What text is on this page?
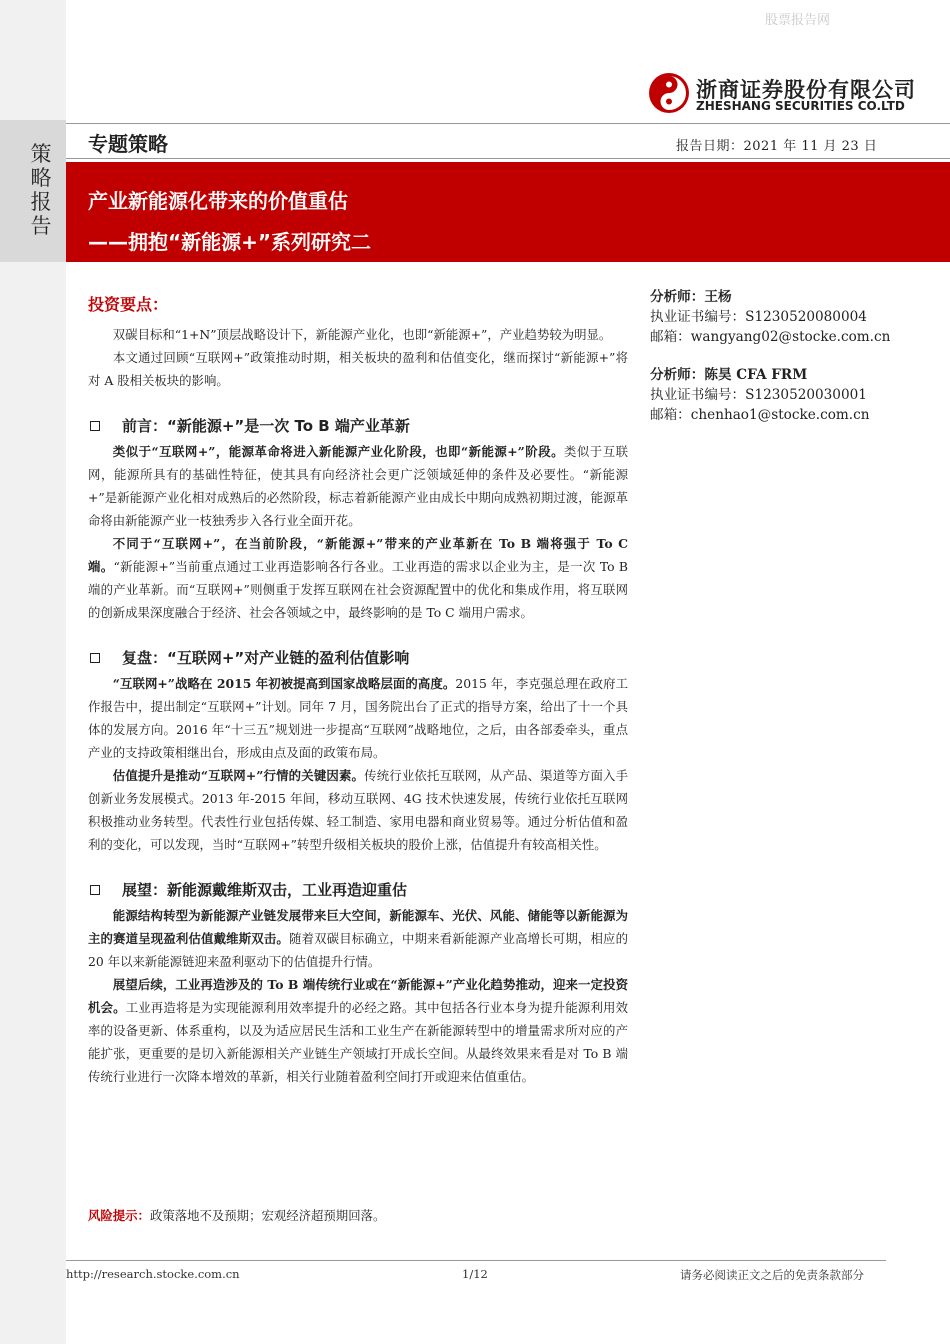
策
略
报
告
股票报告网
浙商证券股份有限公司
ZHESHANG SECURITIES CO.LTD
专题策略	报告日期：2021 年 11 月 23 日
产业新能源化带来的价值重估
——拥抱“新能源+”系列研究二
投资要点：

双碳目标和“1+N”顶层战略设计下，新能源产业化，也即“新能源+”，产业趋势较为明显。

本文通过回顾“互联网+”政策推动时期，相关板块的盈利和估值变化，继而探讨“新能源+”将对 A 股相关板块的影响。

前言：“新能源+”是一次 To B 端产业革新

类似于“互联网+”，能源革命将进入新能源产业化阶段，也即“新能源+”阶段。类似于互联网，能源所具有的基础性特征，使其具有向经济社会更广泛领域延伸的条件及必要性。“新能源+”是新能源产业化相对成熟后的必然阶段，标志着新能源产业由成长中期向成熟初期过渡，能源革命将由新能源产业一枝独秀步入各行业全面开花。

不同于“互联网+”，在当前阶段，“新能源+”带来的产业革新在 To B 端将强于 To C 端。“新能源+”当前重点通过工业再造影响各行各业。工业再造的需求以企业为主，是一次 To B 端的产业革新。而“互联网+”则侧重于发挥互联网在社会资源配置中的优化和集成作用，将互联网的创新成果深度融合于经济、社会各领域之中，最终影响的是 To C 端用户需求。

复盘：“互联网+”对产业链的盈利估值影响

“互联网+”战略在 2015 年初被提高到国家战略层面的高度。2015 年，李克强总理在政府工作报告中，提出制定“互联网+”计划。同年 7 月，国务院出台了正式的指导方案，给出了十一个具体的发展方向。2016 年“十三五”规划进一步提高“互联网”战略地位，之后，由各部委牵头，重点产业的支持政策相继出台，形成由点及面的政策布局。

估值提升是推动“互联网+”行情的关键因素。传统行业依托互联网，从产品、渠道等方面入手创新业务发展模式。2013 年-2015 年间，移动互联网、4G 技术快速发展，传统行业依托互联网积极推动业务转型。代表性行业包括传媒、轻工制造、家用电器和商业贸易等。通过分析估值和盈利的变化，可以发现，当时“互联网+”转型升级相关板块的股价上涨，估值提升有较高相关性。

展望：新能源戴维斯双击，工业再造迎重估

能源结构转型为新能源产业链发展带来巨大空间，新能源车、光伏、风能、储能等以新能源为主的赛道呈现盈利估值戴维斯双击。随着双碳目标确立，中期来看新能源产业高增长可期，相应的 20 年以来新能源链迎来盈利驱动下的估值提升行情。

展望后续，工业再造涉及的 To B 端传统行业或在“新能源+”产业化趋势推动，迎来一定投资机会。工业再造将是为实现能源利用效率提升的必经之路。其中包括各行业本身为提升能源利用效率的设备更新、体系重构，以及为适应居民生活和工业生产在新能源转型中的增量需求所对应的产能扩张，更重要的是切入新能源相关产业链生产领域打开成长空间。从最终效果来看是对 To B 端传统行业进行一次降本增效的革新，相关行业随着盈利空间打开或迎来估值重估。

分析师：王杨
执业证书编号：S1230520080004
邮箱：wangyang02@stocke.com.cn
分析师：陈昊 CFA FRM
执业证书编号：S1230520030001
邮箱：chenhao1@stocke.com.cn
风险提示：政策落地不及预期；宏观经济超预期回落。
http://research.stocke.com.cn	1/12	请务必阅读正文之后的免责条款部分
